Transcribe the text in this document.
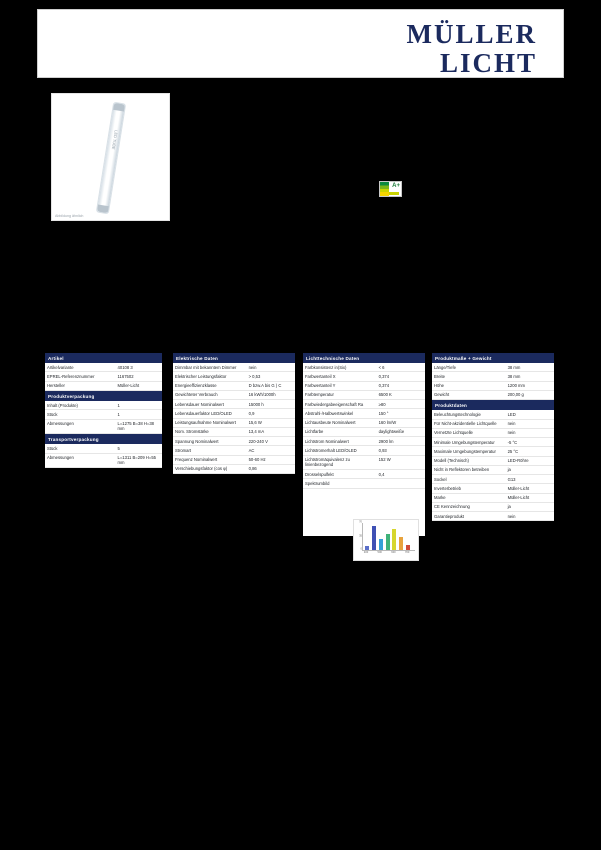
MÜLLER
LICHT
LED TUBE
Abbildung ähnlich
A+
Artikel
Artikelvariante	40108 3
EPREL-Referenznummer	1167502
Hersteller	Müller-Licht
Produktverpackung
Inhalt (Produkte)	1
Stück	1
Abmessungen	L=1275 B=38 H=38 mm
Transportverpackung
Stück	5
Abmessungen	L=1311 B=209 H=55 mm
Elektrische Daten
Dimmbar mit bekanntem Dimmer	nein
Elektrischer Leistungsfaktor	> 0,53
Energieeffizienzklasse	D bzw.A bis G ) C
Gewichteter Verbrauch	16 kWh/1000h
Lebensdauer Nominalwert	15000 h
Lebensdauerfaktor LED/OLED	0,9
Leistungsaufnahme Nominalwert	15,6 W
Nom. Stromstärke	13,4 mA
Spannung Nominalwert	220-240 V
Stromart	AC
Frequenz Nominalwert	50-60 Hz
Verschiebungsfaktor (cos φ)	0,86
Lichttechnische Daten
Farbkonsistenz in(Six)	< 6
Farbwertanteil X	0,374
Farbwertanteil Y	0,374
Farbtemperatur	6500 K
Farbwiedergabeeigenschaft Ra	≥80
Abstrahl-/Halbwertswinkel	150 °
Lichtausbeute Nominalwert	160 lm/W
Lichtfarbe	daylightweiße
Lichtstrom Nominalwert	2900 lm
Lichtstromerhalt LED/OLED	0,93
Lichtstromäquivalenz zu linienbezogend	152 W
Drosselspulfekt	0,4
Spektrumbild	

0
35
70
400	500	600	700
Produktmaße + Gewicht
Länge/Tiefe	38 mm
Breite	38 mm
Höhe	1200 mm
Gewicht	200,00 g
Produktdaten
Beleuchtungstechnologie	LED
Für Nicht-akzidentielle Lichtquelle	nein
Vernetzte Lichtquelle	nein
Minimale Umgebungstemperatur	-5 °C
Maximale Umgebungstemperatur	25 °C
Modell (Technisch)	LED-Röhre
Nicht in Reflektoren betreiben	ja
Sockel	G13
Inverterbetrieb	Müller-Licht
Marke	Müller-Licht
CE Kennzeichnung	ja
Garantieprodukt	nein
